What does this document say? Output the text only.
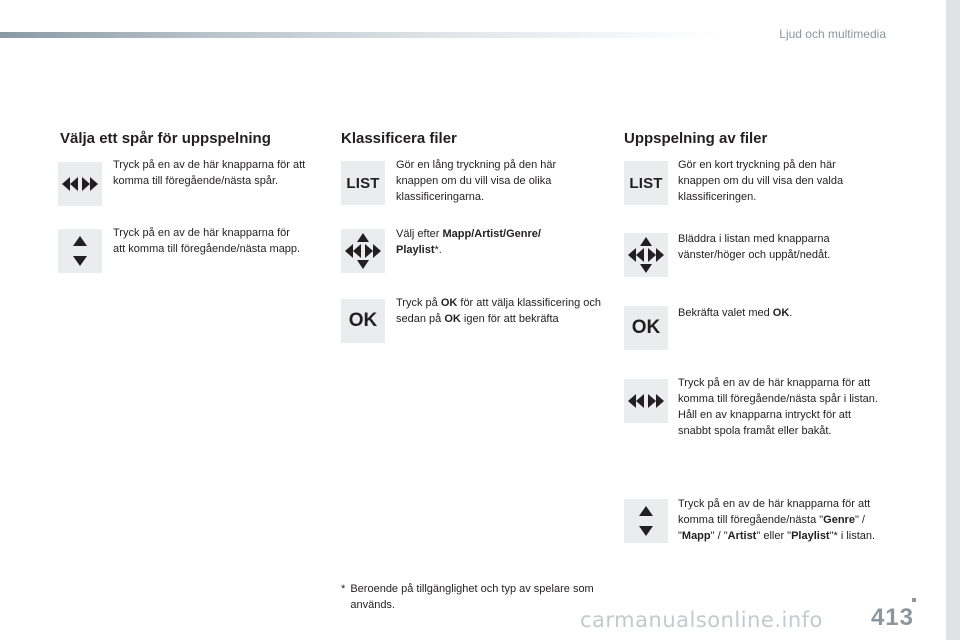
Ljud och multimedia
Välja ett spår för uppspelning

Tryck på en av de här knapparna för att komma till föregående/nästa spår.

Tryck på en av de här knapparna för att komma till föregående/nästa mapp.

Klassificera filer
LIST

Gör en lång tryckning på den här knappen om du vill visa de olika klassificeringarna.

Välj efter Mapp/Artist/Genre/
Playlist*.

OK

Tryck på OK för att välja klassificering och sedan på OK igen för att bekräfta

Uppspelning av filer
LIST

Gör en kort tryckning på den här knappen om du vill visa den valda klassificeringen.

Bläddra i listan med knapparna vänster/höger och uppåt/nedåt.

OK

Bekräfta valet med OK.

Tryck på en av de här knapparna för att komma till föregående/nästa spår i listan.
Håll en av knapparna intryckt för att snabbt spola framåt eller bakåt.

Tryck på en av de här knapparna för att komma till föregående/nästa "Genre" / "Mapp" / "Artist" eller "Playlist"* i listan.

* Beroende på tillgänglighet och typ av spelare som används.	413
carmanualsonline.info
